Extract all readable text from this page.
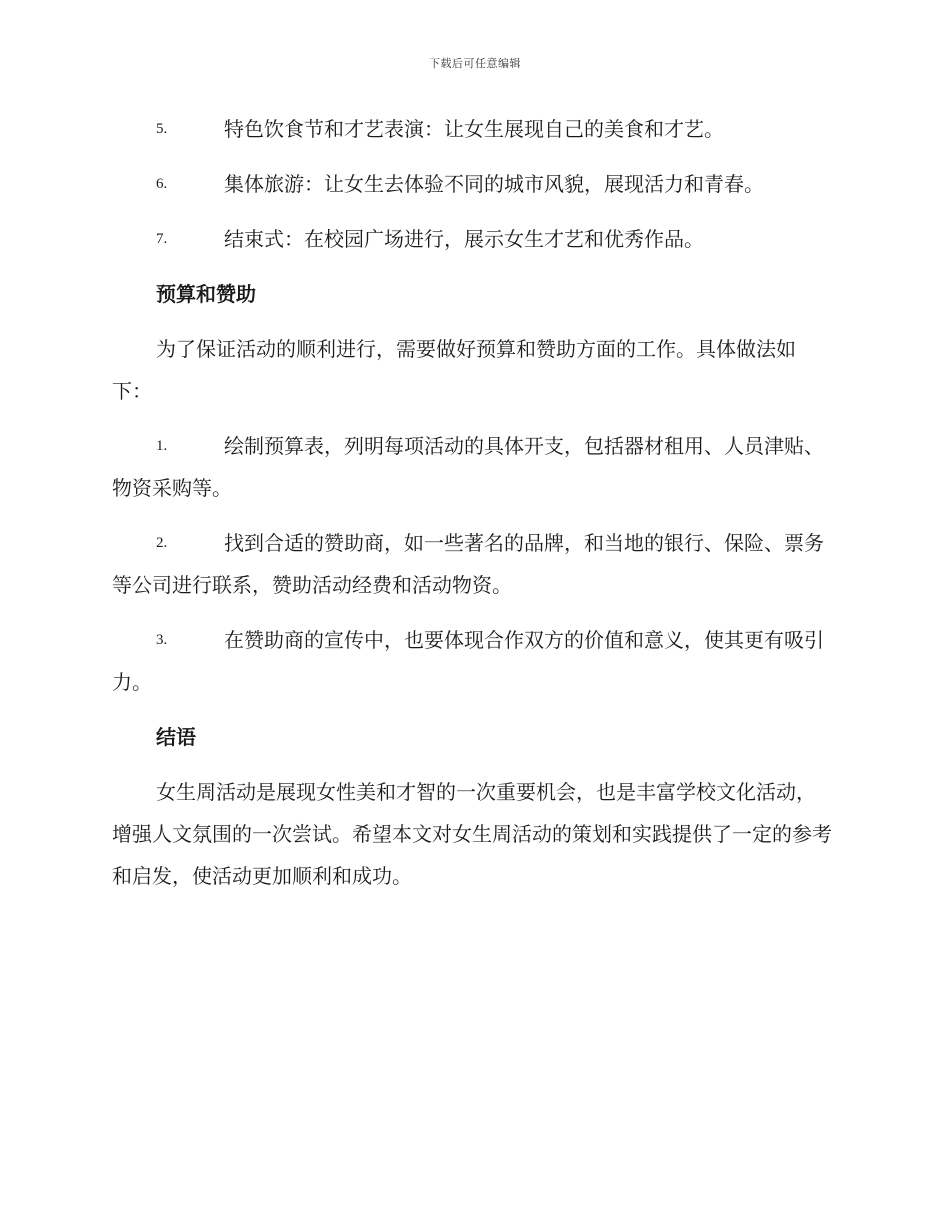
下载后可任意编辑
5.	特色饮食节和才艺表演：让女生展现自己的美食和才艺。
6.	集体旅游：让女生去体验不同的城市风貌，展现活力和青春。
7.	结束式：在校园广场进行，展示女生才艺和优秀作品。
预算和赞助
为了保证活动的顺利进行，需要做好预算和赞助方面的工作。具体做法如下：
1.	绘制预算表，列明每项活动的具体开支，包括器材租用、人员津贴、物资采购等。
2.	找到合适的赞助商，如一些著名的品牌，和当地的银行、保险、票务等公司进行联系，赞助活动经费和活动物资。
3.	在赞助商的宣传中，也要体现合作双方的价值和意义，使其更有吸引力。
结语
女生周活动是展现女性美和才智的一次重要机会，也是丰富学校文化活动，增强人文氛围的一次尝试。希望本文对女生周活动的策划和实践提供了一定的参考和启发，使活动更加顺利和成功。
